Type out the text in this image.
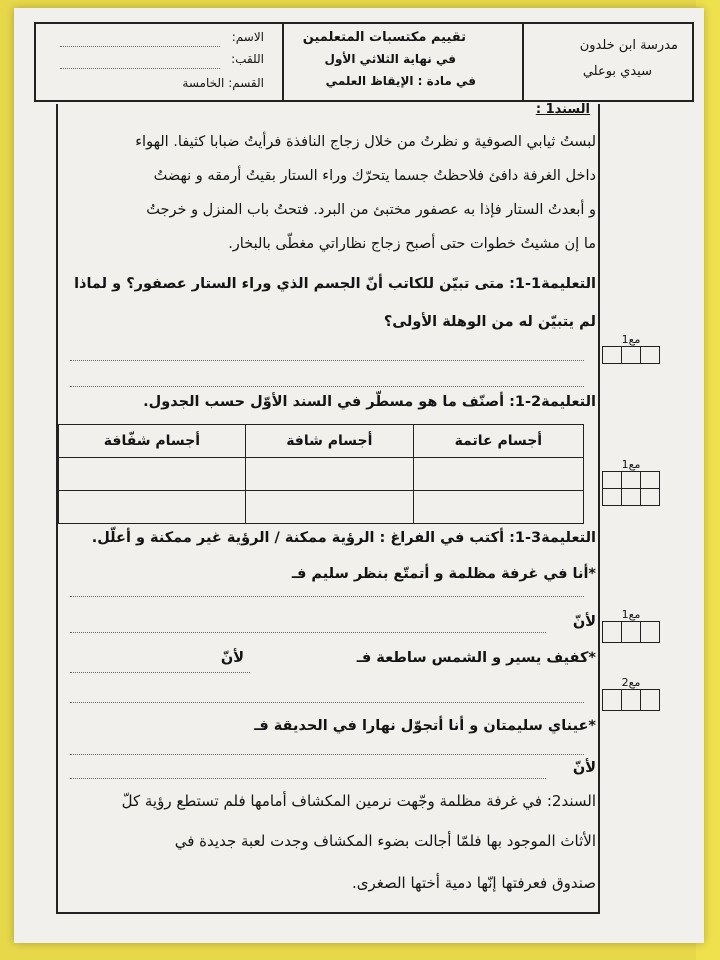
مدرسة ابن خلدون
سيدي بوعلي
تقييم مكتسبات المتعلمين
في نهاية الثلاثي الأول
في مادة : الإيقاظ العلمي
الاسم:
اللقب:
القسم: الخامسة
السند1 :
لبستُ ثيابي الصوفية و نظرتُ من خلال زجاج النافذة فرأيتُ ضبابا كثيفا. الهواء
داخل الغرفة دافئ فلاحظتُ جسما يتحرّك وراء الستار بقيتُ أرمقه و نهضتُ
و أبعدتُ الستار فإذا به عصفور مختبئ من البرد. فتحتُ باب المنزل و خرجتُ
ما إن مشيتُ خطوات حتى أصبح زجاج نظاراتي مغطّى بالبخار.
التعليمة1-1: متى تبيّن للكاتب أنّ الجسم الذي وراء الستار عصفور؟ و لماذا
لم يتبيّن له من الوهلة الأولى؟
مع1
التعليمة2-1: أصنّف ما هو مسطّر في السند الأوّل حسب الجدول.
أجسام عاتمة	أجسام شافة	أجسام شفّافة

مع1
التعليمة3-1: أكتب في الفراغ : الرؤية ممكنة / الرؤية غير ممكنة و أعلّل.
*أنا في غرفة مظلمة و أتمتّع بنظر سليم فـ
لأنّ
*كفيف يسير و الشمس ساطعة فـ
لأنّ
*عيناي سليمتان و أنا أتجوّل نهارا في الحديقة فـ
لأنّ
مع1
مع2
السند2: في غرفة مظلمة وجّهت نرمين المكشاف أمامها فلم تستطع رؤية كلّ
الأثاث الموجود بها فلمّا أجالت بضوء المكشاف وجدت لعبة جديدة في
صندوق فعرفتها إنّها دمية أختها الصغرى.
